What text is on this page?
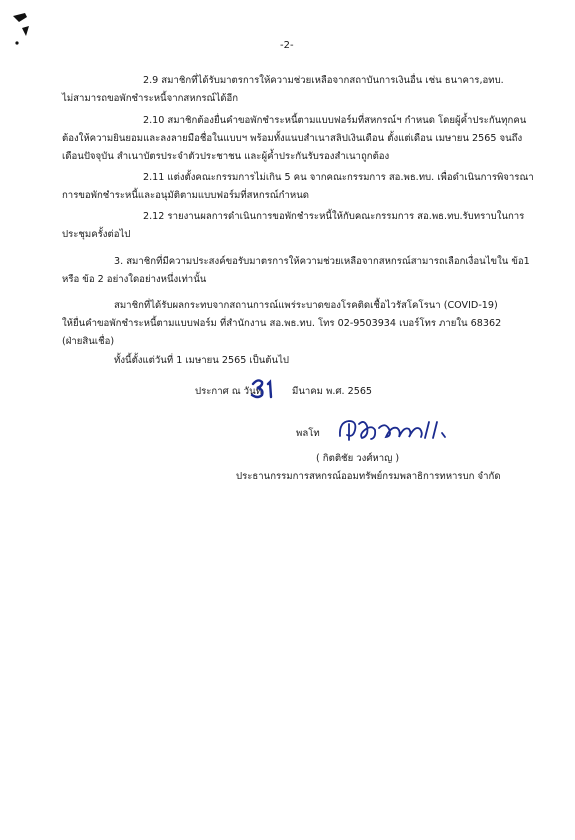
-2-
2.9 สมาชิกที่ได้รับมาตรการให้ความช่วยเหลือจากสถาบันการเงินอื่น เช่น ธนาคาร,อทบ.
ไม่สามารถขอพักชำระหนี้จากสหกรณ์ได้อีก
2.10 สมาชิกต้องยื่นคำขอพักชำระหนี้ตามแบบฟอร์มที่สหกรณ์ฯ กำหนด โดยผู้ค้ำประกันทุกคน
ต้องให้ความยินยอมและลงลายมือชื่อในแบบฯ พร้อมทั้งแนบสำเนาสลิปเงินเดือน ตั้งแต่เดือน เมษายน 2565 จนถึง
เดือนปัจจุบัน สำเนาบัตรประจำตัวประชาชน และผู้ค้ำประกันรับรองสำเนาถูกต้อง
2.11 แต่งตั้งคณะกรรมการไม่เกิน 5 คน จากคณะกรรมการ สอ.พธ.ทบ. เพื่อดำเนินการพิจารณา
การขอพักชำระหนี้และอนุมัติตามแบบฟอร์มที่สหกรณ์กำหนด
2.12 รายงานผลการดำเนินการขอพักชำระหนี้ให้กับคณะกรรมการ สอ.พธ.ทบ.รับทราบในการ
ประชุมครั้งต่อไป
3. สมาชิกที่มีความประสงค์ขอรับมาตรการให้ความช่วยเหลือจากสหกรณ์สามารถเลือกเงื่อนไขใน ข้อ1
หรือ ข้อ 2 อย่างใดอย่างหนึ่งเท่านั้น
สมาชิกที่ได้รับผลกระทบจากสถานการณ์แพร่ระบาดของโรคติดเชื้อไวรัสโคโรนา (COVID-19)
ให้ยื่นคำขอพักชำระหนี้ตามแบบฟอร์ม ที่สำนักงาน สอ.พธ.ทบ. โทร 02-9503934 เบอร์โทร ภายใน 68362
(ฝ่ายสินเชื่อ)
ทั้งนี้ตั้งแต่วันที่ 1 เมษายน 2565 เป็นต้นไป
ประกาศ ณ วันที่	มีนาคม พ.ศ. 2565
พลโท
( กิตติชัย วงศ์หาญ )
ประธานกรรมการสหกรณ์ออมทรัพย์กรมพลาธิการทหารบก จำกัด
